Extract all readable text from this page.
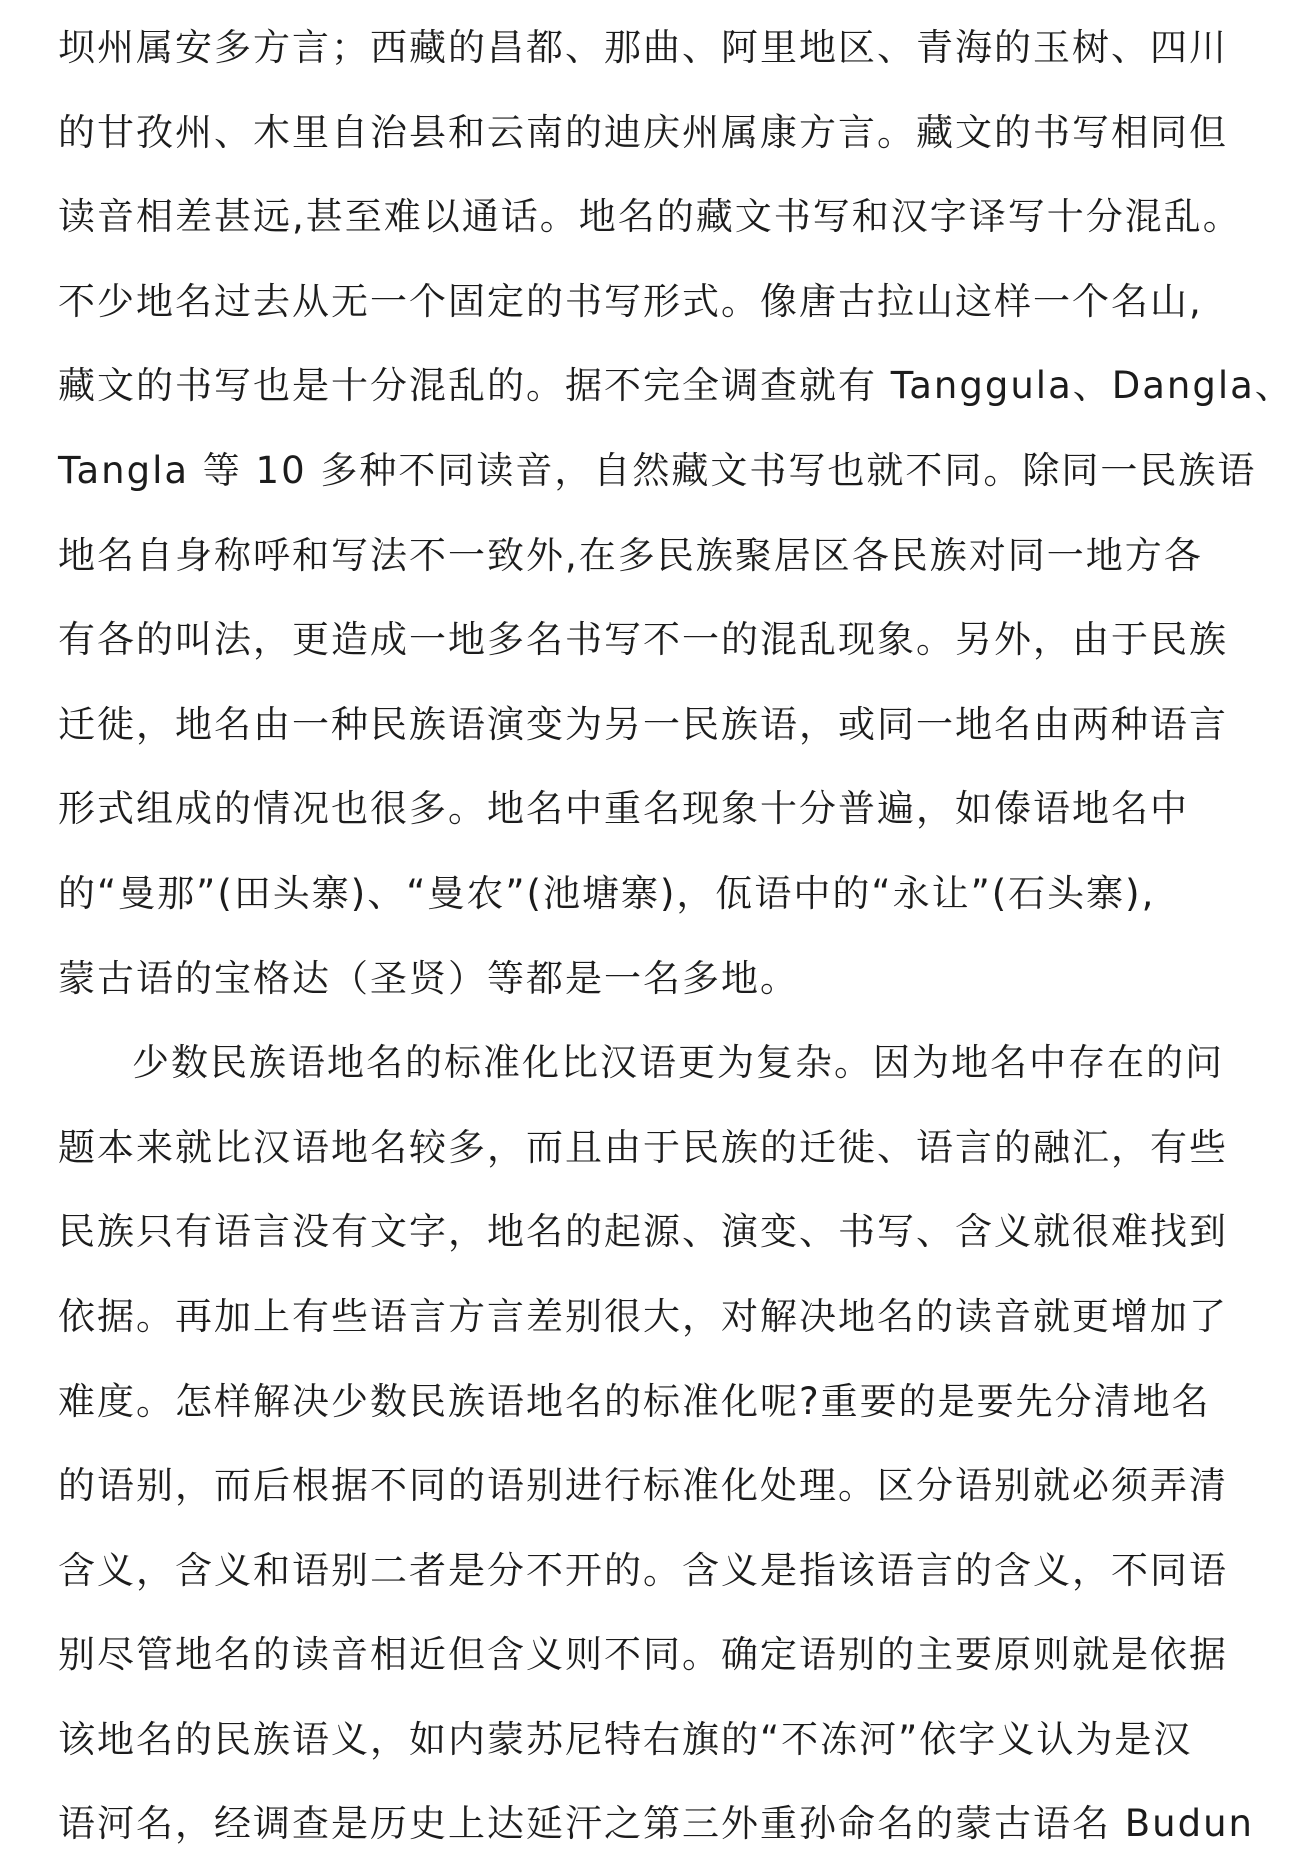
坝州属安多方言；西藏的昌都、那曲、阿里地区、青海的玉树、四川
的甘孜州、木里自治县和云南的迪庆州属康方言。藏文的书写相同但
读音相差甚远,甚至难以通话。地名的藏文书写和汉字译写十分混乱。
不少地名过去从无一个固定的书写形式。像唐古拉山这样一个名山,
藏文的书写也是十分混乱的。据不完全调查就有 Tanggula、Dangla、
Tangla 等 10 多种不同读音，自然藏文书写也就不同。除同一民族语
地名自身称呼和写法不一致外,在多民族聚居区各民族对同一地方各
有各的叫法，更造成一地多名书写不一的混乱现象。另外，由于民族
迁徙，地名由一种民族语演变为另一民族语，或同一地名由两种语言
形式组成的情况也很多。地名中重名现象十分普遍，如傣语地名中
的“曼那”(田头寨)、“曼农”(池塘寨)，佤语中的“永让”(石头寨),
蒙古语的宝格达（圣贤）等都是一名多地。
少数民族语地名的标准化比汉语更为复杂。因为地名中存在的问
题本来就比汉语地名较多，而且由于民族的迁徙、语言的融汇，有些
民族只有语言没有文字，地名的起源、演变、书写、含义就很难找到
依据。再加上有些语言方言差别很大，对解决地名的读音就更增加了
难度。怎样解决少数民族语地名的标准化呢?重要的是要先分清地名
的语别，而后根据不同的语别进行标准化处理。区分语别就必须弄清
含义，含义和语别二者是分不开的。含义是指该语言的含义，不同语
别尽管地名的读音相近但含义则不同。确定语别的主要原则就是依据
该地名的民族语义，如内蒙苏尼特右旗的“不冻河”依字义认为是汉
语河名，经调查是历史上达延汗之第三外重孙命名的蒙古语名 Budun
